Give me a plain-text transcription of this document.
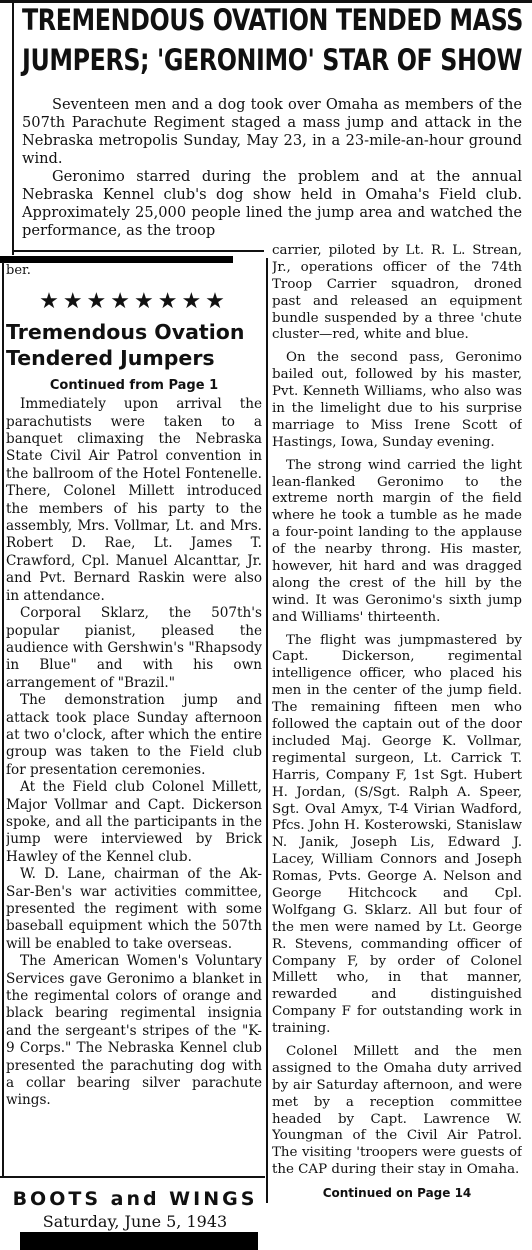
TREMENDOUS OVATION TENDED MASS
JUMPERS; 'GERONIMO' STAR OF SHOW

Seventeen men and a dog took over Omaha as members of the 507th Parachute Regiment staged a mass jump and attack in the Nebraska metropolis Sunday, May 23, in a 23-mile-an-hour ground wind.

Geronimo starred during the problem and at the annual Nebraska Kennel club's dog show held in Omaha's Field club. Approximately 25,000 people lined the jump area and watched the performance, as the troop

ber.
★★★★★★★★
Tremendous Ovation Tendered Jumpers
Continued from Page 1

Immediately upon arrival the parachutists were taken to a banquet climaxing the Nebraska State Civil Air Patrol convention in the ballroom of the Hotel Fontenelle. There, Colonel Millett introduced the members of his party to the assembly, Mrs. Vollmar, Lt. and Mrs. Robert D. Rae, Lt. James T. Crawford, Cpl. Manuel Alcanttar, Jr. and Pvt. Bernard Raskin were also in attendance.

Corporal Sklarz, the 507th's popular pianist, pleased the audience with Gershwin's "Rhapsody in Blue" and with his own arrangement of "Brazil."

The demonstration jump and attack took place Sunday afternoon at two o'clock, after which the entire group was taken to the Field club for presentation ceremonies.

At the Field club Colonel Millett, Major Vollmar and Capt. Dickerson spoke, and all the participants in the jump were interviewed by Brick Hawley of the Kennel club.

W. D. Lane, chairman of the Ak-Sar-Ben's war activities committee, presented the regiment with some baseball equipment which the 507th will be enabled to take overseas.

The American Women's Voluntary Services gave Geronimo a blanket in the regimental colors of orange and black bearing regimental insignia and the sergeant's stripes of the "K-9 Corps." The Nebraska Kennel club presented the parachuting dog with a collar bearing silver parachute wings.

carrier, piloted by Lt. R. L. Strean, Jr., operations officer of the 74th Troop Carrier squadron, droned past and released an equipment bundle suspended by a three 'chute cluster—red, white and blue.

On the second pass, Geronimo bailed out, followed by his master, Pvt. Kenneth Williams, who also was in the limelight due to his surprise marriage to Miss Irene Scott of Hastings, Iowa, Sunday evening.

The strong wind carried the light lean-flanked Geronimo to the extreme north margin of the field where he took a tumble as he made a four-point landing to the applause of the nearby throng. His master, however, hit hard and was dragged along the crest of the hill by the wind. It was Geronimo's sixth jump and Williams' thirteenth.

The flight was jumpmastered by Capt. Dickerson, regimental intelligence officer, who placed his men in the center of the jump field. The remaining fifteen men who followed the captain out of the door included Maj. George K. Vollmar, regimental surgeon, Lt. Carrick T. Harris, Company F, 1st Sgt. Hubert H. Jordan, (S/Sgt. Ralph A. Speer, Sgt. Oval Amyx, T-4 Virian Wadford, Pfcs. John H. Kosterowski, Stanislaw N. Janik, Joseph Lis, Edward J. Lacey, William Connors and Joseph Romas, Pvts. George A. Nelson and George Hitchcock and Cpl. Wolfgang G. Sklarz. All but four of the men were named by Lt. George R. Stevens, commanding officer of Company F, by order of Colonel Millett who, in that manner, rewarded and distinguished Company F for outstanding work in training.

Colonel Millett and the men assigned to the Omaha duty arrived by air Saturday afternoon, and were met by a reception committee headed by Capt. Lawrence W. Youngman of the Civil Air Patrol. The visiting 'troopers were guests of the CAP during their stay in Omaha.

Continued on Page 14
BOOTS and WINGS
Saturday, June 5, 1943
